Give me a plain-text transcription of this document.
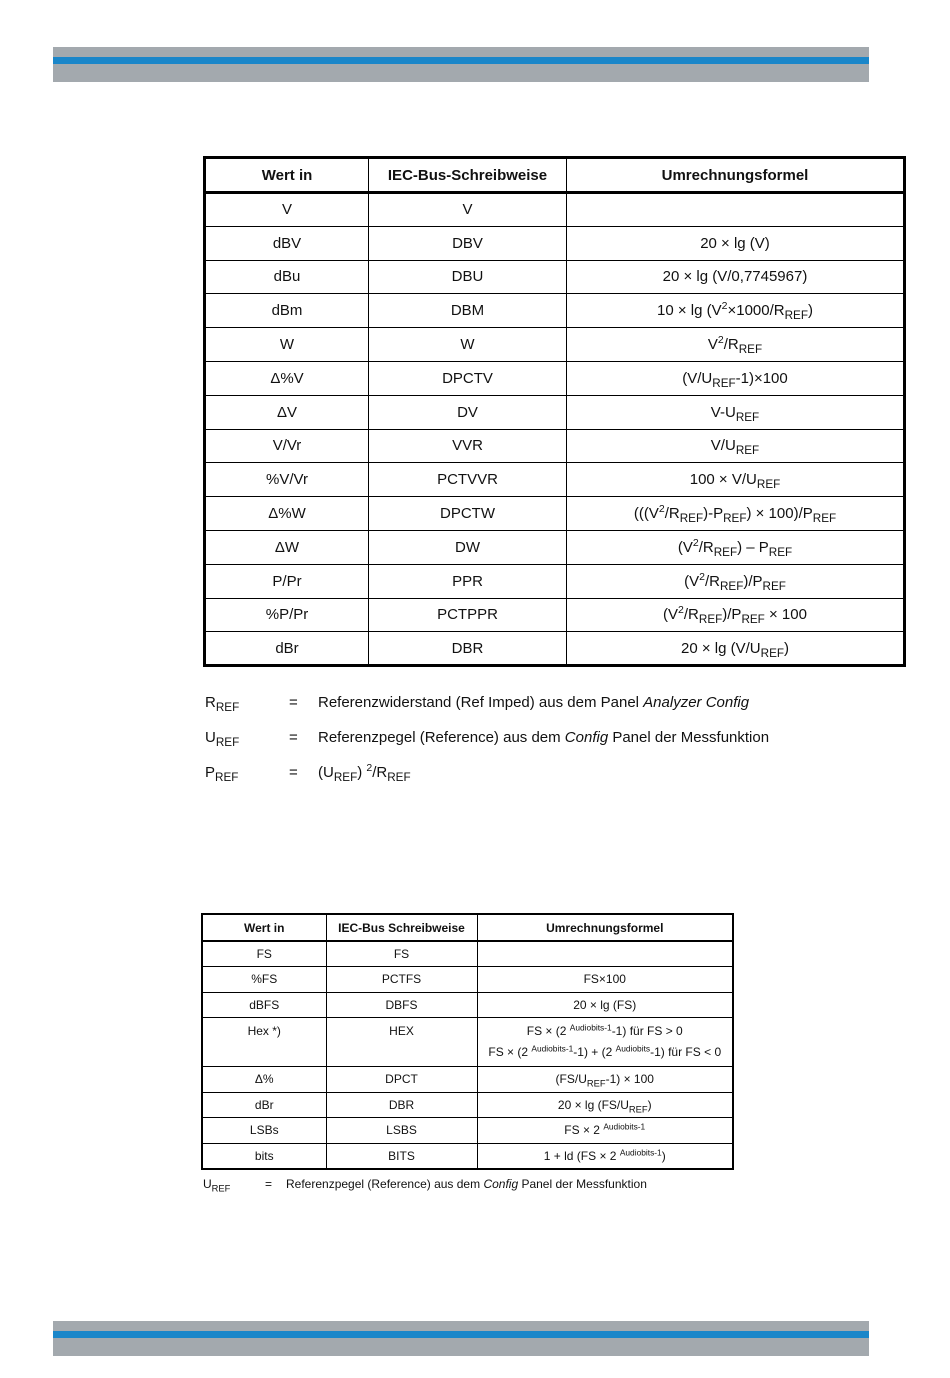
Wert in	IEC-Bus-Schreibweise	Umrechnungsformel
V	V	
dBV	DBV	20 × lg (V)
dBu	DBU	20 × lg (V/0,7745967)
dBm	DBM	$10 \times \lg (V^2\times 1000/R_{REF})$
W	W	$V^2/R_{REF}$
Δ%V	DPCTV	$(V/U_{REF}-1)\times 100$
ΔV	DV	$V-U_{REF}$
V/Vr	VVR	$V/U_{REF}$
%V/Vr	PCTVVR	$100 \times V/U_{REF}$
Δ%W	DPCTW	$(((V^2/R_{REF})-P_{REF}) \times 100)/P_{REF}$
ΔW	DW	$(V^2/R_{REF}) - P_{REF}$
P/Pr	PPR	$(V^2/R_{REF})/P_{REF}$
%P/Pr	PCTPPR	$(V^2/R_{REF})/P_{REF} \times 100$
dBr	DBR	$20 \times \lg (V/U_{REF})$
$R_{REF}$	= Referenzwiderstand (Ref Imped) aus dem Panel Analyzer Config
$U_{REF}$	= Referenzpegel (Reference) aus dem Config Panel der Messfunktion
$P_{REF}$	= $(U_{REF})$ $^2/R_{REF}$
Wert in	IEC-Bus Schreibweise	Umrechnungsformel
FS	FS	
%FS	PCTFS	FS×100
dBFS	DBFS	20 × lg (FS)
Hex *)	HEX	FS × (2 $^{Audiobits-1}$-1) für FS > 0
FS × (2 $^{Audiobits-1}$-1) + (2 $^{Audiobits}$-1) für FS < 0
Δ%	DPCT	$(FS/U_{REF}-1) \times 100$
dBr	DBR	$20 \times \lg (FS/U_{REF})$
LSBs	LSBS	FS × 2 $^{Audiobits-1}$
bits	BITS	1 + ld (FS × 2 $^{Audiobits-1}$)
$U_{REF}$	= Referenzpegel (Reference) aus dem Config Panel der Messfunktion
